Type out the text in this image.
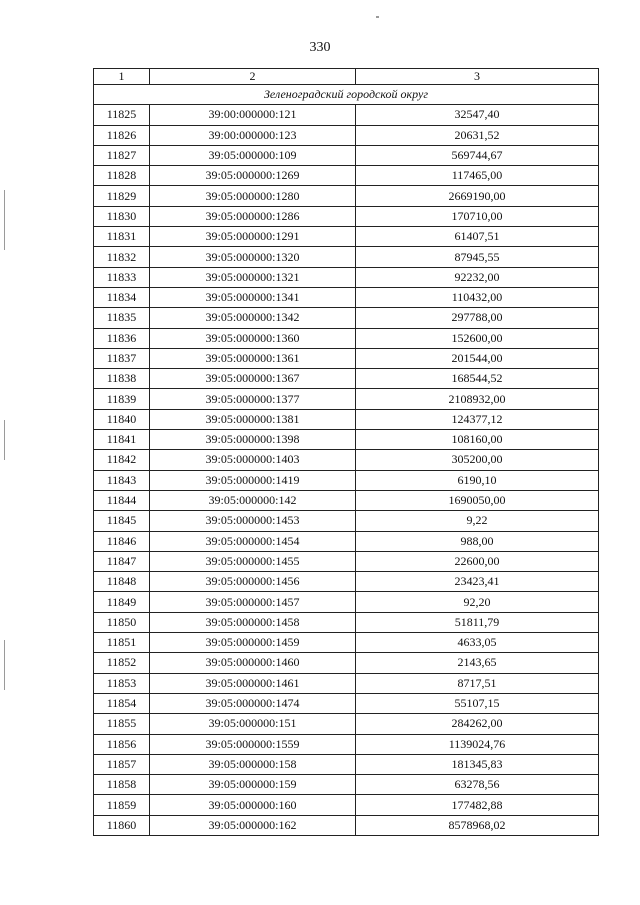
330
1	2	3
Зеленоградский городской округ		
11825	39:00:000000:121	32547,40
11826	39:00:000000:123	20631,52
11827	39:05:000000:109	569744,67
11828	39:05:000000:1269	117465,00
11829	39:05:000000:1280	2669190,00
11830	39:05:000000:1286	170710,00
11831	39:05:000000:1291	61407,51
11832	39:05:000000:1320	87945,55
11833	39:05:000000:1321	92232,00
11834	39:05:000000:1341	110432,00
11835	39:05:000000:1342	297788,00
11836	39:05:000000:1360	152600,00
11837	39:05:000000:1361	201544,00
11838	39:05:000000:1367	168544,52
11839	39:05:000000:1377	2108932,00
11840	39:05:000000:1381	124377,12
11841	39:05:000000:1398	108160,00
11842	39:05:000000:1403	305200,00
11843	39:05:000000:1419	6190,10
11844	39:05:000000:142	1690050,00
11845	39:05:000000:1453	9,22
11846	39:05:000000:1454	988,00
11847	39:05:000000:1455	22600,00
11848	39:05:000000:1456	23423,41
11849	39:05:000000:1457	92,20
11850	39:05:000000:1458	51811,79
11851	39:05:000000:1459	4633,05
11852	39:05:000000:1460	2143,65
11853	39:05:000000:1461	8717,51
11854	39:05:000000:1474	55107,15
11855	39:05:000000:151	284262,00
11856	39:05:000000:1559	1139024,76
11857	39:05:000000:158	181345,83
11858	39:05:000000:159	63278,56
11859	39:05:000000:160	177482,88
11860	39:05:000000:162	8578968,02
